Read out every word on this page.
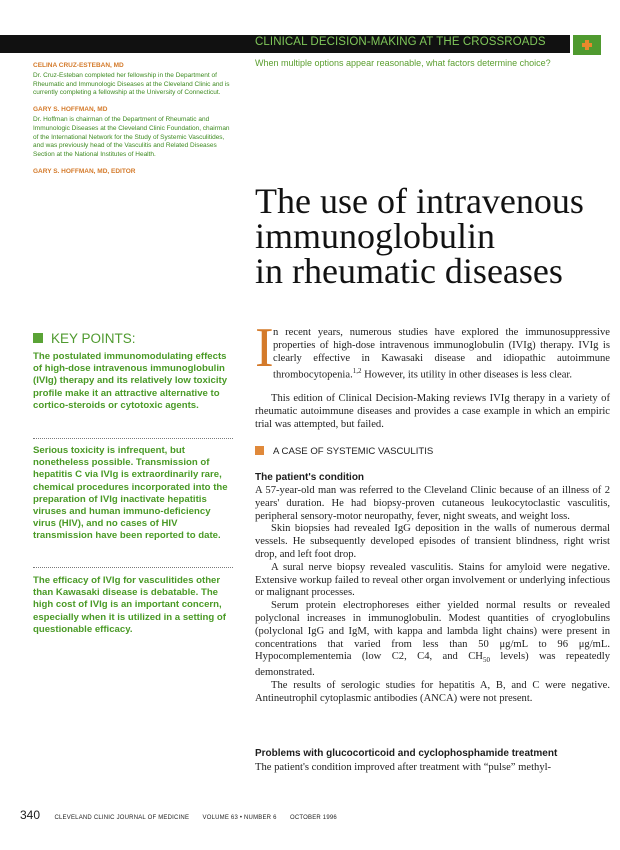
CLINICAL DECISION-MAKING AT THE CROSSROADS
When multiple options appear reasonable, what factors determine choice?
CELINA CRUZ-ESTEBAN, MD
Dr. Cruz-Esteban completed her fellowship in the Department of Rheumatic and Immunologic Diseases at the Cleveland Clinic and is currently completing a fellowship at the University of Connecticut.
GARY S. HOFFMAN, MD
Dr. Hoffman is chairman of the Department of Rheumatic and Immunologic Diseases at the Cleveland Clinic Foundation, chairman of the International Network for the Study of Systemic Vasculitides, and was previously head of the Vasculitis and Related Diseases Section at the National Institutes of Health.
GARY S. HOFFMAN, MD, EDITOR
The use of intravenous
immunoglobulin
in rheumatic diseases
KEY POINTS:
The postulated immunomodulating effects of high-dose intravenous immunoglobulin (IVIg) therapy and its relatively low toxicity profile make it an attractive alternative to cortico-steroids or cytotoxic agents.
Serious toxicity is infrequent, but nonetheless possible. Transmission of hepatitis C via IVIg is extraordinarily rare, chemical procedures incorporated into the preparation of IVIg inactivate hepatitis viruses and human immuno-deficiency virus (HIV), and no cases of HIV transmission have been reported to date.
The efficacy of IVIg for vasculitides other than Kawasaki disease is debatable. The high cost of IVIg is an important concern, especially when it is utilized in a setting of questionable efficacy.
I n recent years, numerous studies have explored the immunosuppressive properties of high-dose intravenous immunoglobulin (IVIg) therapy. IVIg is clearly effective in Kawasaki disease and idiopathic autoimmune thrombocytopenia.$^{1,2}$ However, its utility in other diseases is less clear.

This edition of Clinical Decision-Making reviews IVIg therapy in a variety of rheumatic autoimmune diseases and provides a case example in which an empiric trial was attempted, but failed.

A CASE OF SYSTEMIC VASCULITIS
The patient's condition

A 57-year-old man was referred to the Cleveland Clinic because of an illness of 2 years' duration. He had biopsy-proven cutaneous leukocytoclastic vasculitis, peripheral sensory-motor neuropathy, fever, night sweats, and weight loss.

Skin biopsies had revealed IgG deposition in the walls of numerous dermal vessels. He subsequently developed episodes of transient blindness, right wrist drop, and left foot drop.

A sural nerve biopsy revealed vasculitis. Stains for amyloid were negative. Extensive workup failed to reveal other organ involvement or underlying infectious or malignant processes.

Serum protein electrophoreses either yielded normal results or revealed polyclonal increases in immunoglobulin. Modest quantities of cryoglobulins (polyclonal IgG and IgM, with kappa and lambda light chains) were present in concentrations that varied from less than 50 μg/mL to 96 μg/mL. Hypocomplementemia (low C2, C4, and $CH_{50}$ levels) was repeatedly demonstrated.

The results of serologic studies for hepatitis A, B, and C were negative. Antineutrophil cytoplasmic antibodies (ANCA) were not present.

Problems with glucocorticoid and cyclophosphamide treatment

The patient's condition improved after treatment with “pulse” methyl-

340 CLEVELAND CLINIC JOURNAL OF MEDICINE VOLUME 63 • NUMBER 6 OCTOBER 1996
